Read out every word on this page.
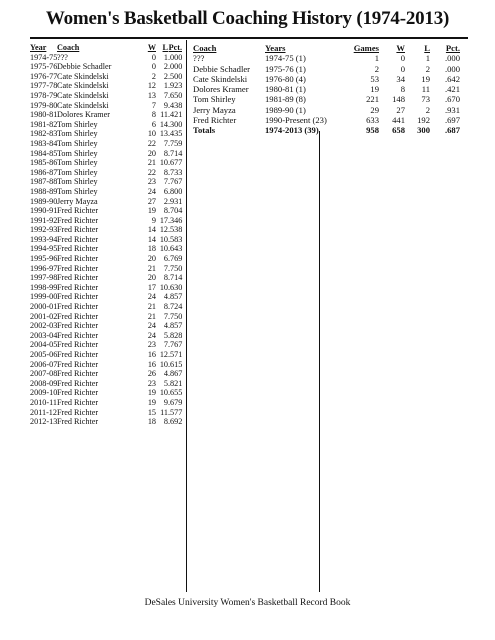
Women's Basketball Coaching History (1974-2013)
Year	Coach	W L Pct.
1974-75 ???	0 1 .000
1975-76 Debbie Schadler	0 2 .000
1976-77 Cate Skindelski	2 2 .500
1977-78 Cate Skindelski	12 1 .923
1978-79 Cate Skindelski	13 7 .650
1979-80 Cate Skindelski	7 9 .438
1980-81 Dolores Kramer	8 11 .421
1981-82 Tom Shirley	6 14 .300
1982-83 Tom Shirley	10 13 .435
1983-84 Tom Shirley	22 7 .759
1984-85 Tom Shirley	20 8 .714
1985-86 Tom Shirley	21 10 .677
1986-87 Tom Shirley	22 8 .733
1987-88 Tom Shirley	23 7 .767
1988-89 Tom Shirley	24 6 .800
1989-90 Jerry Mayza	27 2 .931
1990-91 Fred Richter	19 8 .704
1991-92 Fred Richter	9 17 .346
1992-93 Fred Richter	14 12 .538
1993-94 Fred Richter	14 10 .583
1994-95 Fred Richter	18 10 .643
1995-96 Fred Richter	20 6 .769
1996-97 Fred Richter	21 7 .750
1997-98 Fred Richter	20 8 .714
1998-99 Fred Richter	17 10 .630
1999-00 Fred Richter	24 4 .857
2000-01 Fred Richter	21 8 .724
2001-02 Fred Richter	21 7 .750
2002-03 Fred Richter	24 4 .857
2003-04 Fred Richter	24 5 .828
2004-05 Fred Richter	23 7 .767
2005-06 Fred Richter	16 12 .571
2006-07 Fred Richter	16 10 .615
2007-08 Fred Richter	26 4 .867
2008-09 Fred Richter	23 5 .821
2009-10 Fred Richter	19 10 .655
2010-11 Fred Richter	19 9 .679
2011-12 Fred Richter	15 11 .577
2012-13 Fred Richter	18 8 .692
Coach	Years	Games	W	L	Pct.
???	1974-75 (1)	1	0	1	.000
Debbie Schadler	1975-76 (1)	2	0	2	.000
Cate Skindelski	1976-80 (4)	53	34	19	.642
Dolores Kramer	1980-81 (1)	19	8	11	.421
Tom Shirley	1981-89 (8)	221	148	73	.670
Jerry Mayza	1989-90 (1)	29	27	2	.931
Fred Richter	1990-Present (23)	633	441	192	.697
Totals	1974-2013 (39)	958	658	300	.687
DeSales University Women's Basketball Record Book
